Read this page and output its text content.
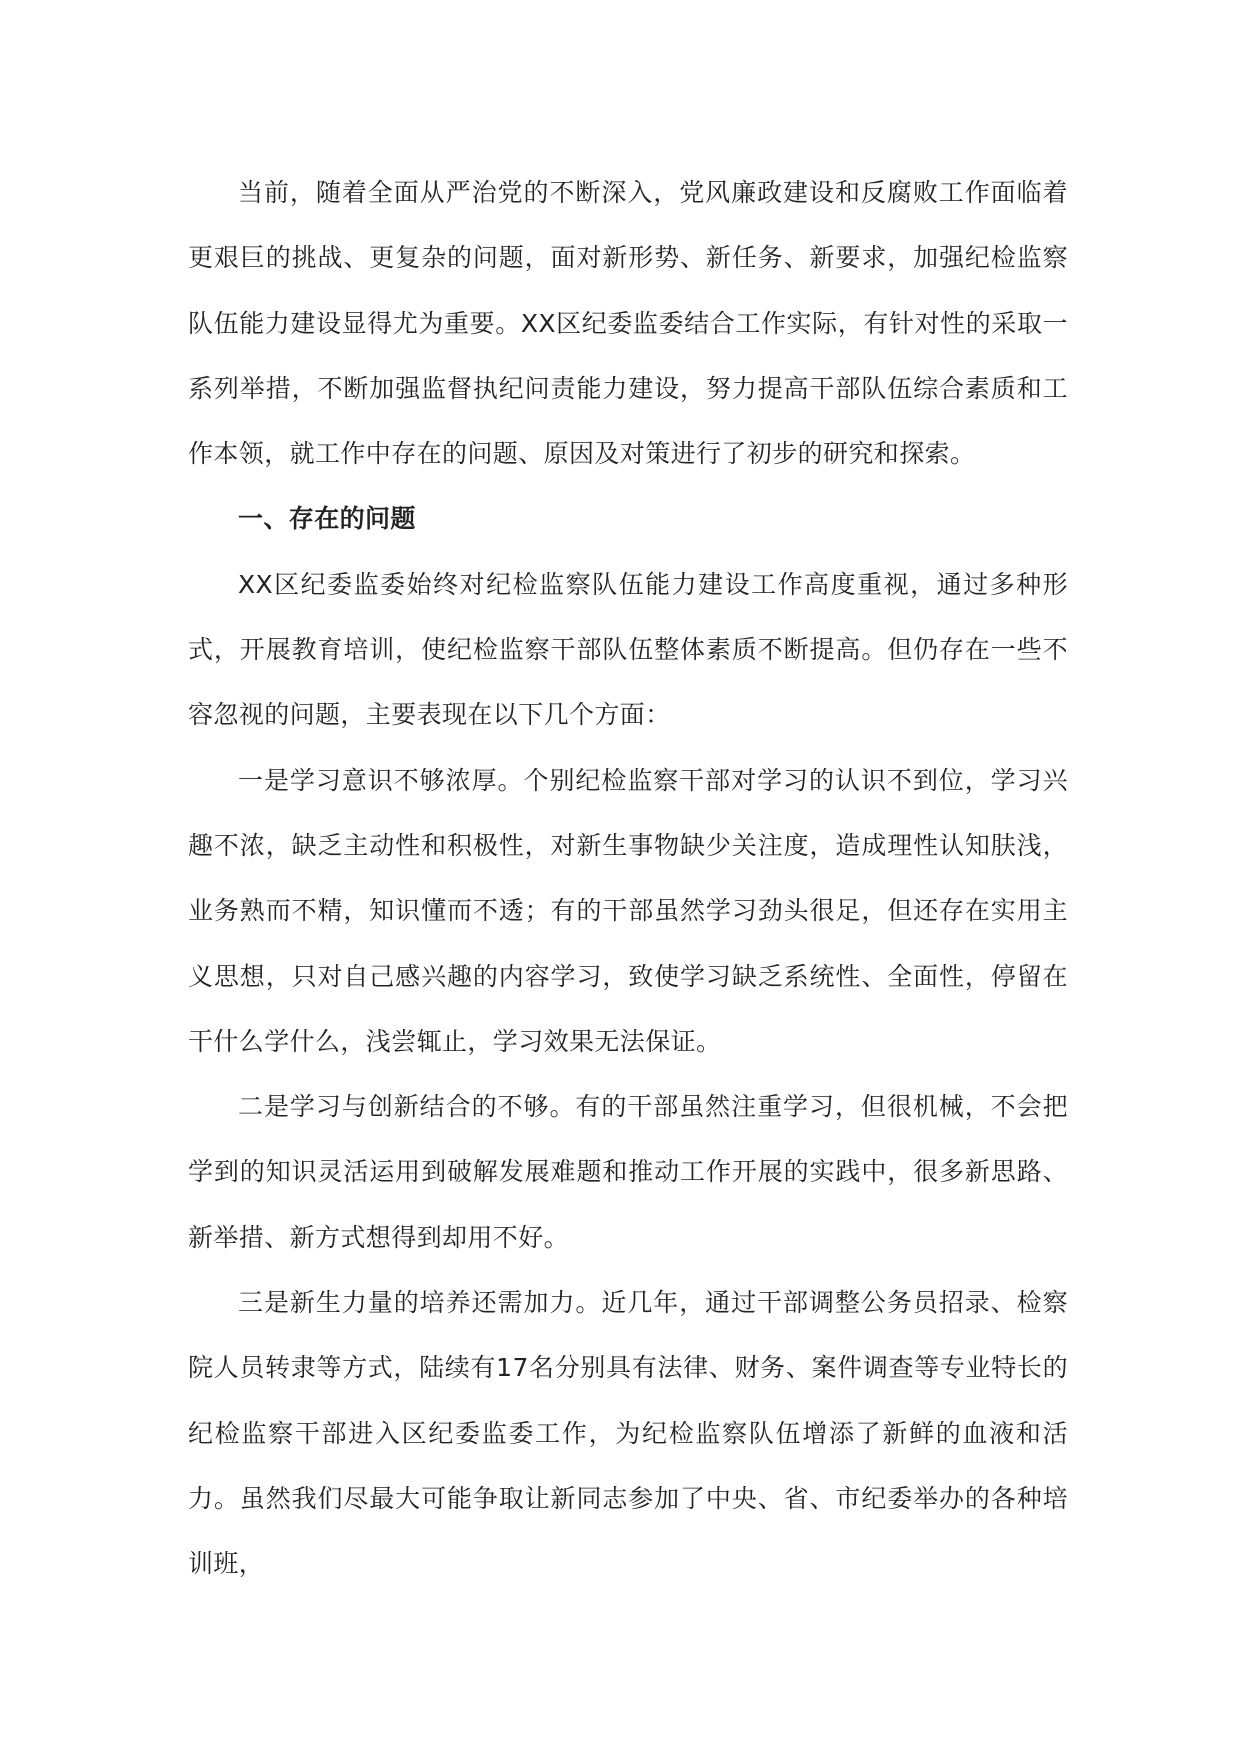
当前，随着全面从严治党的不断深入，党风廉政建设和反腐败工作面临着更艰巨的挑战、更复杂的问题，面对新形势、新任务、新要求，加强纪检监察队伍能力建设显得尤为重要。XX区纪委监委结合工作实际，有针对性的采取一系列举措，不断加强监督执纪问责能力建设，努力提高干部队伍综合素质和工作本领，就工作中存在的问题、原因及对策进行了初步的研究和探索。

一、存在的问题

XX区纪委监委始终对纪检监察队伍能力建设工作高度重视，通过多种形式，开展教育培训，使纪检监察干部队伍整体素质不断提高。但仍存在一些不容忽视的问题，主要表现在以下几个方面：

一是学习意识不够浓厚。个别纪检监察干部对学习的认识不到位，学习兴趣不浓，缺乏主动性和积极性，对新生事物缺少关注度，造成理性认知肤浅，业务熟而不精，知识懂而不透；有的干部虽然学习劲头很足，但还存在实用主义思想，只对自己感兴趣的内容学习，致使学习缺乏系统性、全面性，停留在干什么学什么，浅尝辄止，学习效果无法保证。

二是学习与创新结合的不够。有的干部虽然注重学习，但很机械，不会把学到的知识灵活运用到破解发展难题和推动工作开展的实践中，很多新思路、新举措、新方式想得到却用不好。

三是新生力量的培养还需加力。近几年，通过干部调整公务员招录、检察院人员转隶等方式，陆续有17名分别具有法律、财务、案件调查等专业特长的纪检监察干部进入区纪委监委工作，为纪检监察队伍增添了新鲜的血液和活力。虽然我们尽最大可能争取让新同志参加了中央、省、市纪委举办的各种培训班，
